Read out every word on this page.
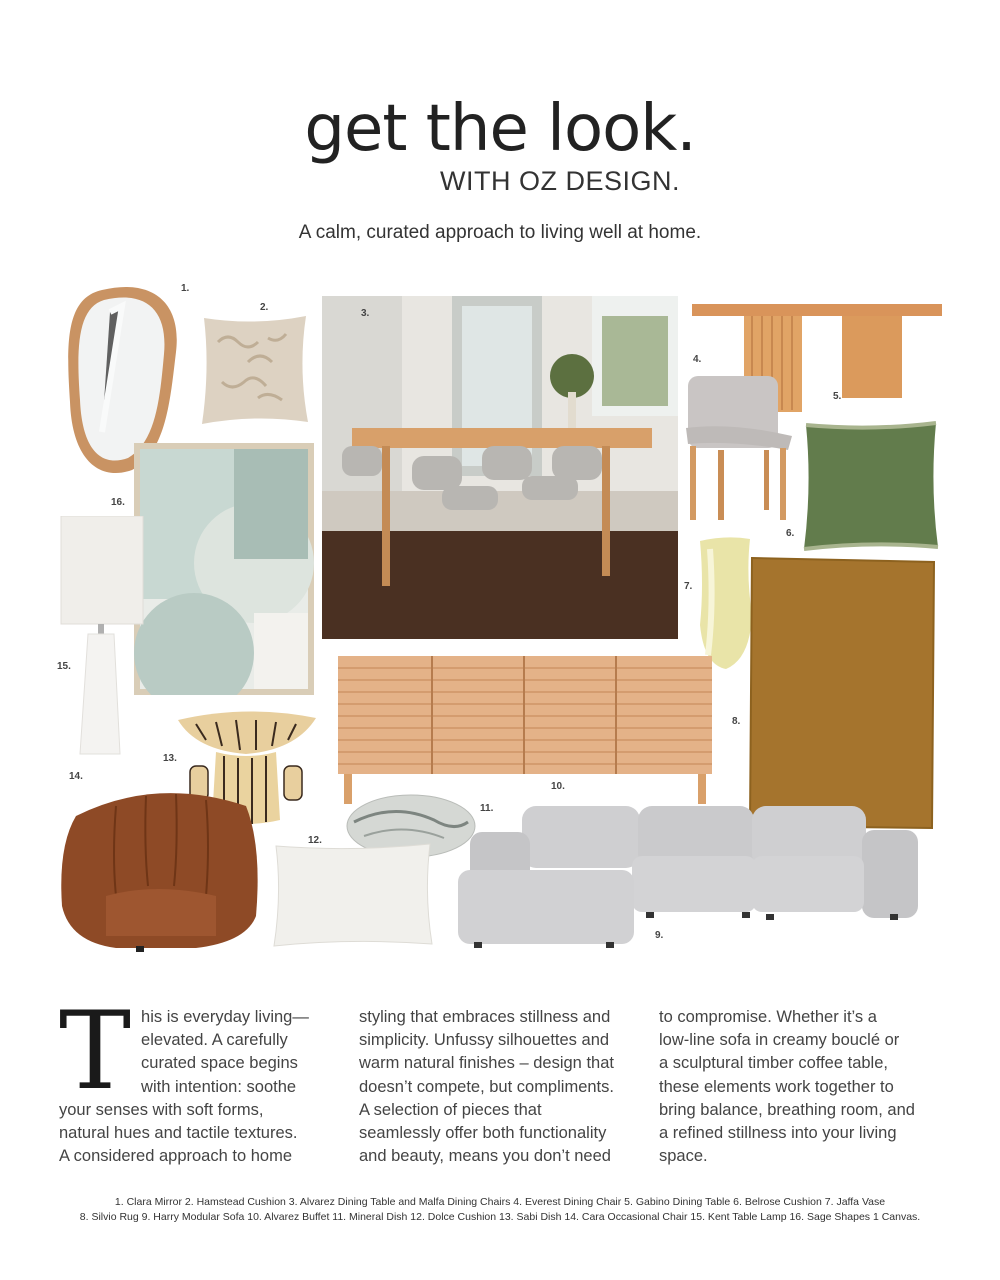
get the look.
WITH OZ DESIGN.
A calm, curated approach to living well at home.
1.
2.
3.
5.
4.
6.
16.
15.
7.
8.
10.
13.
14.
11.
12.
9.
T his is everyday living—
elevated. A carefully
curated space begins
with intention: soothe
your senses with soft forms,
natural hues and tactile textures.
A considered approach to home
styling that embraces stillness and
simplicity. Unfussy silhouettes and
warm natural finishes – design that
doesn’t compete, but compliments.
A selection of pieces that
seamlessly offer both functionality
and beauty, means you don’t need
to compromise. Whether it’s a
low-line sofa in creamy bouclé or
a sculptural timber coffee table,
these elements work together to
bring balance, breathing room, and
a refined stillness into your living
space.
1. Clara Mirror 2. Hamstead Cushion 3. Alvarez Dining Table and Malfa Dining Chairs 4. Everest Dining Chair 5. Gabino Dining Table 6. Belrose Cushion 7. Jaffa Vase
8. Silvio Rug 9. Harry Modular Sofa 10. Alvarez Buffet 11. Mineral Dish 12. Dolce Cushion 13. Sabi Dish 14. Cara Occasional Chair 15. Kent Table Lamp 16. Sage Shapes 1 Canvas.
